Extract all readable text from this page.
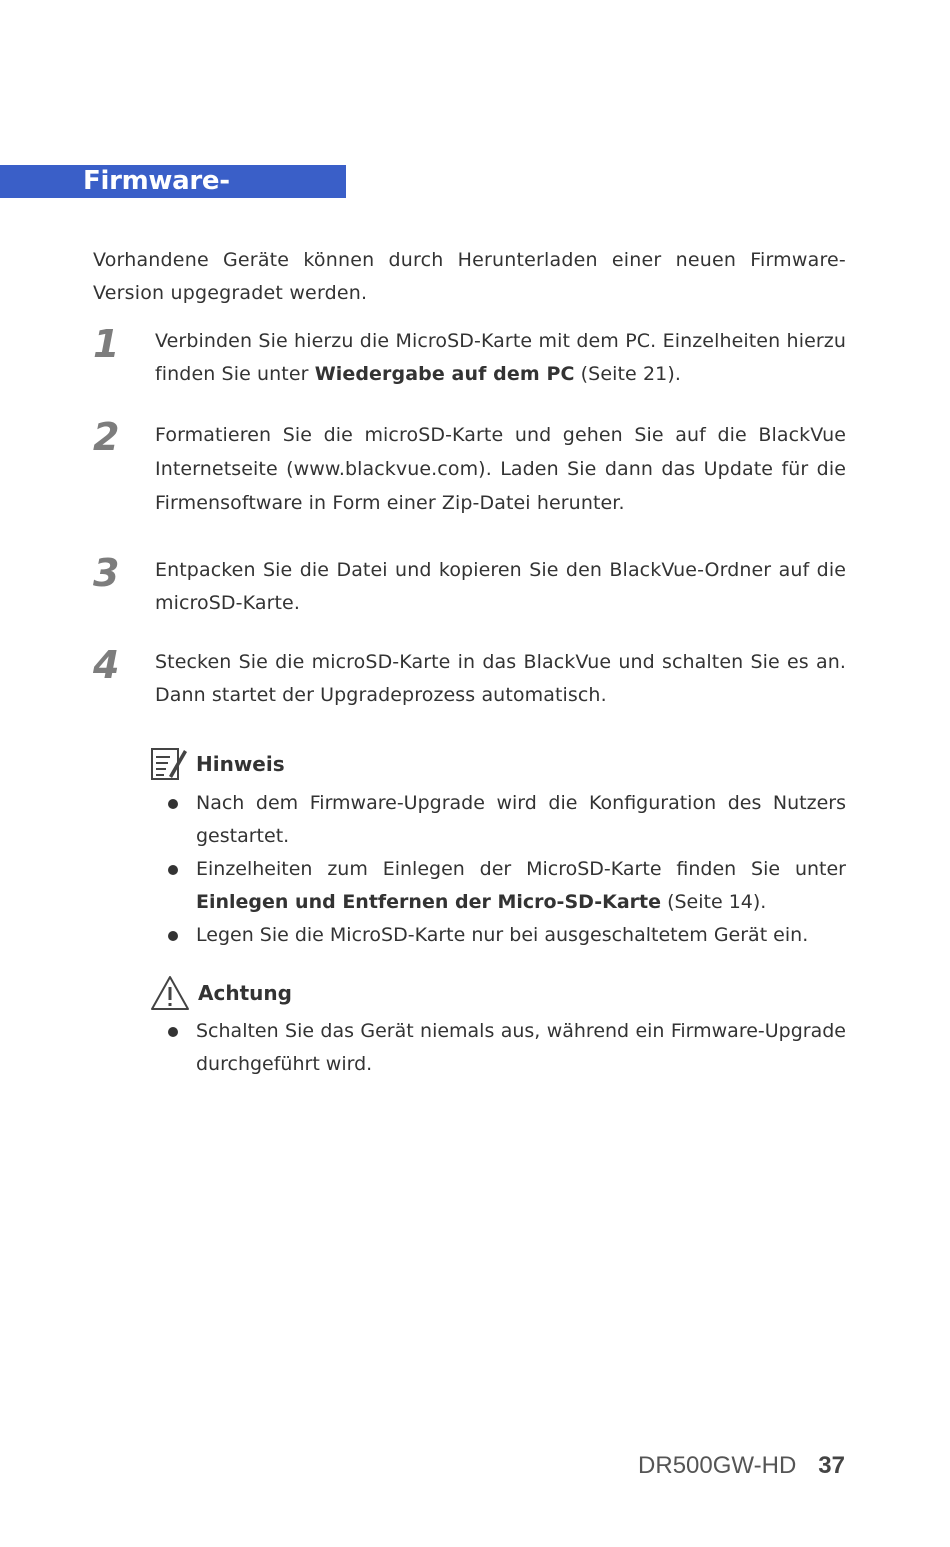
Firmware-Upgrade
Vorhandene Geräte können durch Herunterladen einer neuen Firmware-Version upgegradet werden.
1 Verbinden Sie hierzu die MicroSD-Karte mit dem PC. Einzelheiten hierzu finden Sie unter Wiedergabe auf dem PC (Seite 21).
2 Formatieren Sie die microSD-Karte und gehen Sie auf die BlackVue Internetseite (www.blackvue.com). Laden Sie dann das Update für die Firmensoftware in Form einer Zip-Datei herunter.
3 Entpacken Sie die Datei und kopieren Sie den BlackVue-Ordner auf die microSD-Karte.
4 Stecken Sie die microSD-Karte in das BlackVue und schalten Sie es an. Dann startet der Upgradeprozess automatisch.
Hinweis
Nach dem Firmware-Upgrade wird die Konfiguration des Nutzers gestartet.
Einzelheiten zum Einlegen der MicroSD-Karte finden Sie unter Einlegen und Entfernen der Micro-SD-Karte (Seite 14).
Legen Sie die MicroSD-Karte nur bei ausgeschaltetem Gerät ein.
Achtung
Schalten Sie das Gerät niemals aus, während ein Firmware-Upgrade durchgeführt wird.
DR500GW-HD 37
